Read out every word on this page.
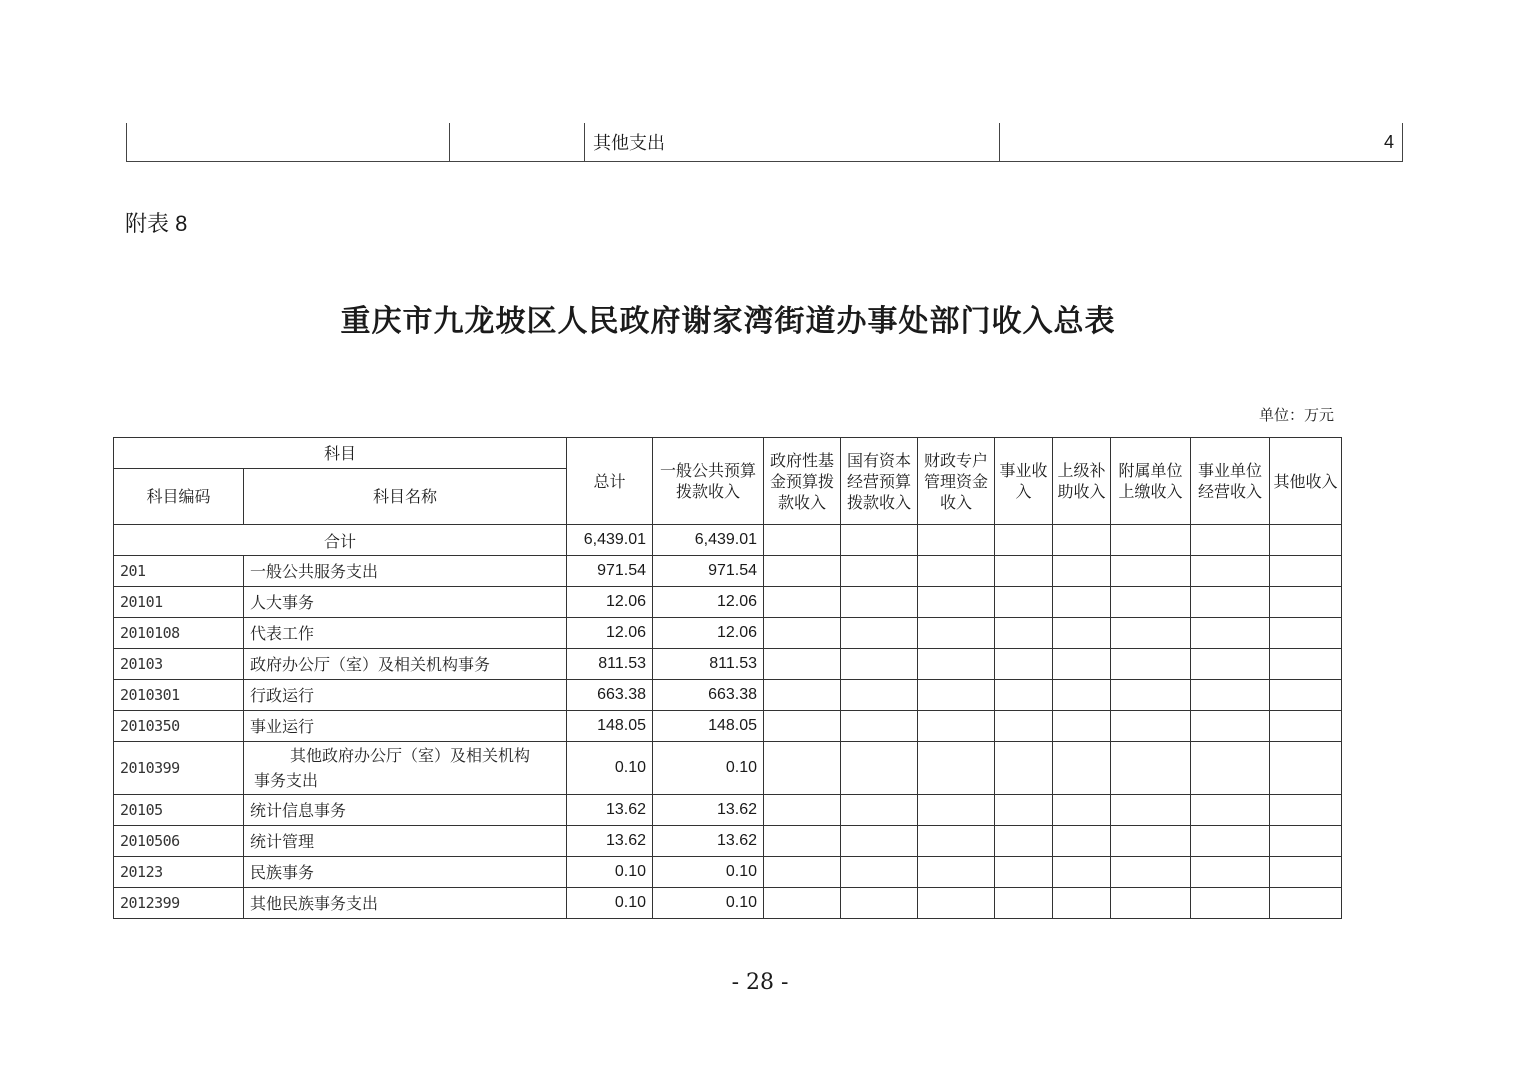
		其他支出	4
附表 8
重庆市九龙坡区人民政府谢家湾街道办事处部门收入总表
单位：万元
科目		总计	一般公共预算拨款收入	政府性基金预算拨款收入	国有资本经营预算拨款收入	财政专户管理资金收入	事业收入	上级补助收入	附属单位上缴收入	事业单位经营收入	其他收入
科目编码	科目名称										
合计		6,439.01	6,439.01								
201	一般公共服务支出	971.54	971.54								
20101	人大事务	12.06	12.06								
2010108	代表工作	12.06	12.06								
20103	政府办公厅（室）及相关机构事务	811.53	811.53								
2010301	行政运行	663.38	663.38								
2010350	事业运行	148.05	148.05								
2010399	其他政府办公厅（室）及相关机构
事务支出	0.10	0.10								
20105	统计信息事务	13.62	13.62								
2010506	统计管理	13.62	13.62								
20123	民族事务	0.10	0.10								
2012399	其他民族事务支出	0.10	0.10								
- 28 -
